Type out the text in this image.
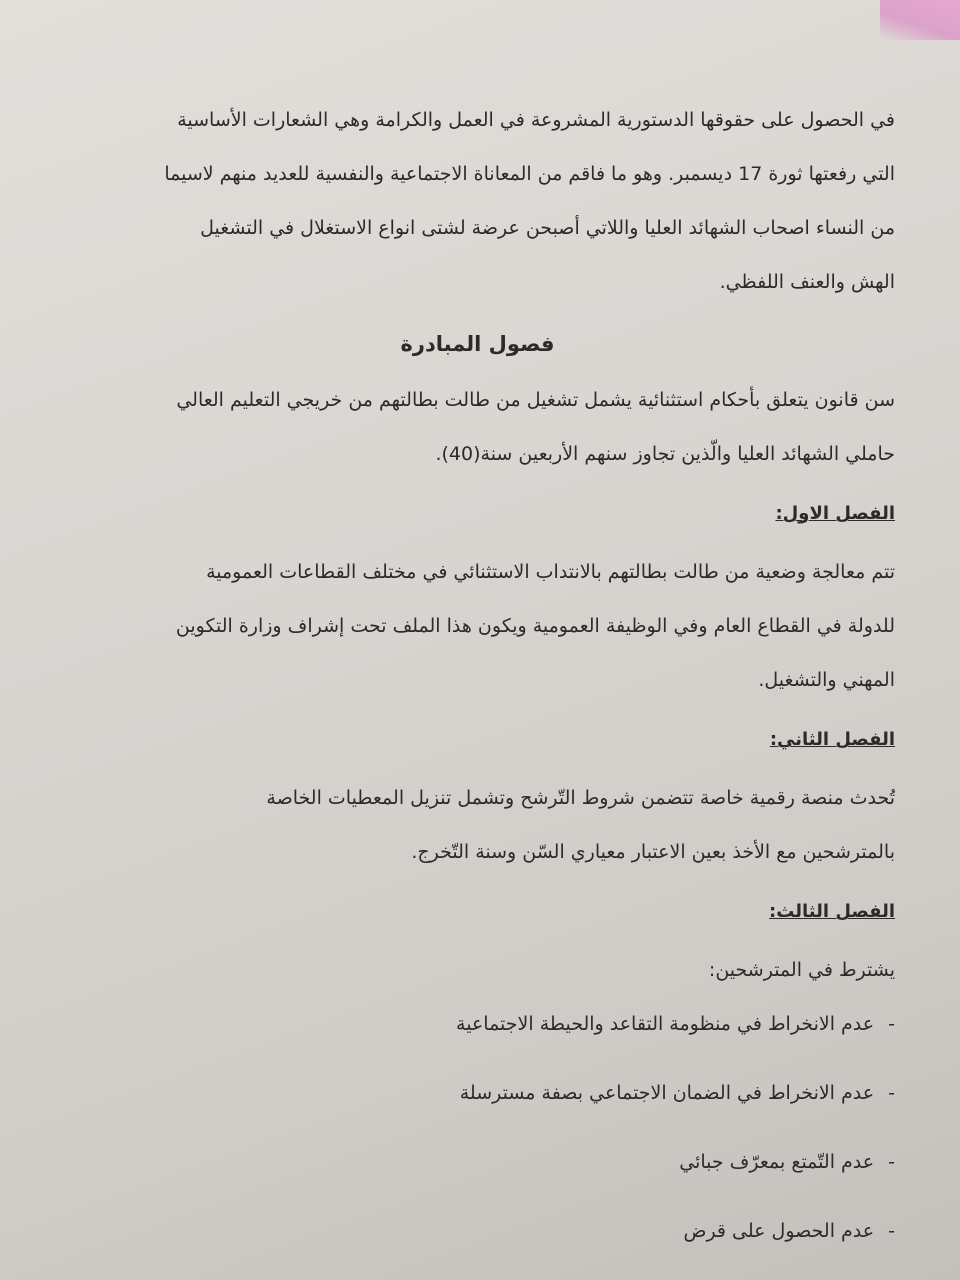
في الحصول على حقوقها الدستورية المشروعة في العمل والكرامة وهي الشعارات الأساسية
التي رفعتها ثورة 17 ديسمبر. وهو ما فاقم من المعاناة الاجتماعية والنفسية للعديد منهم لاسيما
من النساء اصحاب الشهائد العليا واللاتي أصبحن عرضة لشتى انواع الاستغلال في التشغيل
الهش والعنف اللفظي.
فصول المبادرة
سن قانون يتعلق بأحكام استثنائية يشمل تشغيل من طالت بطالتهم من خريجي التعليم العالي
حاملي الشهائد العليا والّذين تجاوز سنهم الأربعين سنة(40).
الفصل الاول:
تتم معالجة وضعية من طالت بطالتهم بالانتداب الاستثنائي في مختلف القطاعات العمومية
للدولة في القطاع العام وفي الوظيفة العمومية ويكون هذا الملف تحت إشراف وزارة التكوين
المهني والتشغيل.
الفصل الثاني:
تُحدث منصة رقمية خاصة تتضمن شروط التّرشح وتشمل تنزيل المعطيات الخاصة
بالمترشحين مع الأخذ بعين الاعتبار معياري السّن وسنة التّخرج.
الفصل الثالث:
يشترط في المترشحين:
- عدم الانخراط في منظومة التقاعد والحيطة الاجتماعية
- عدم الانخراط في الضمان الاجتماعي بصفة مسترسلة
- عدم التّمتع بمعرّف جبائي
- عدم الحصول على قرض
